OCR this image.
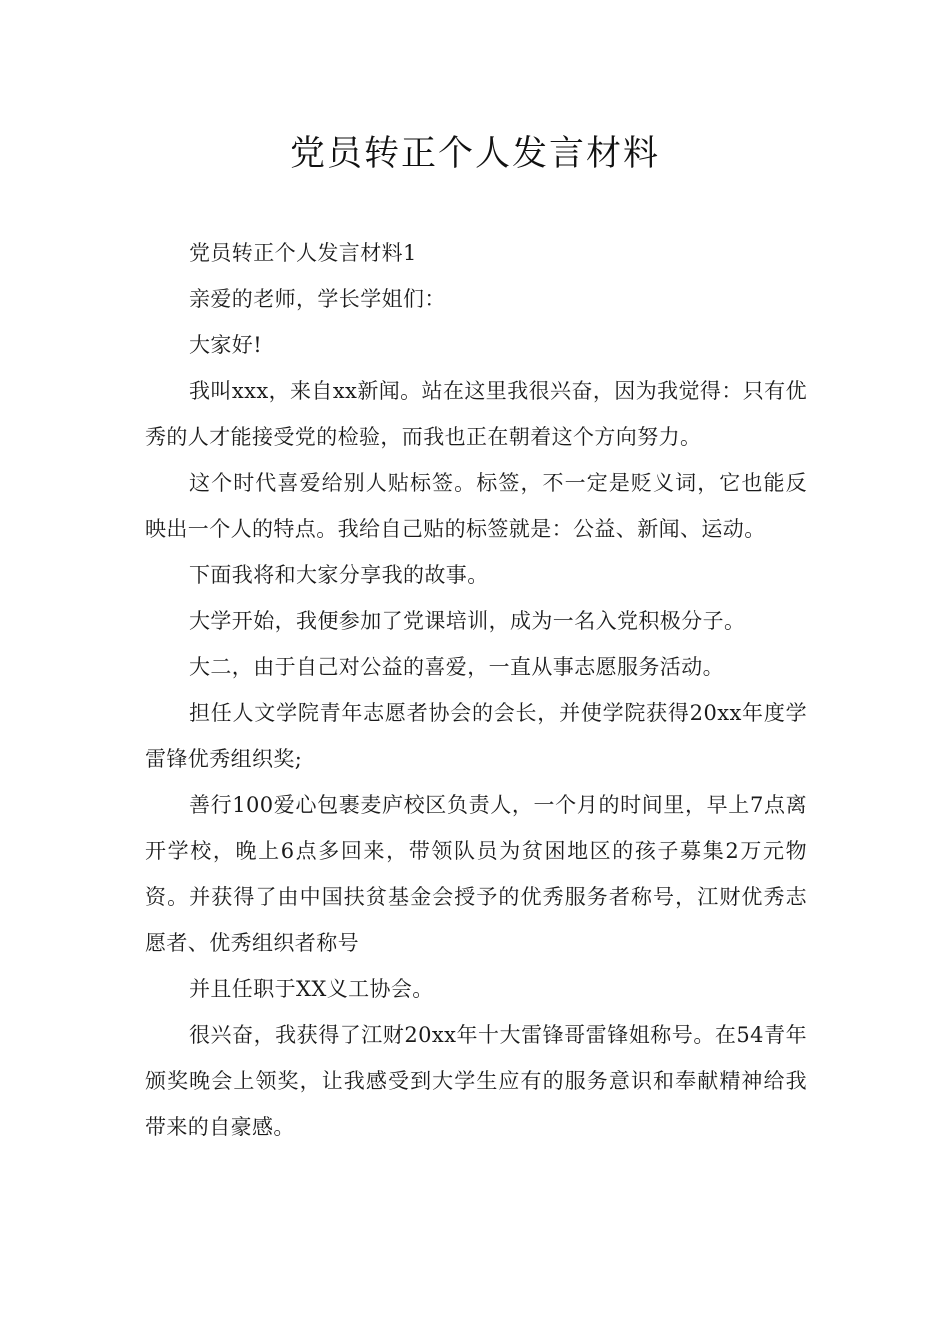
党员转正个人发言材料

党员转正个人发言材料1

亲爱的老师，学长学姐们：

大家好!

我叫xxx，来自xx新闻。站在这里我很兴奋，因为我觉得：只有优秀的人才能接受党的检验，而我也正在朝着这个方向努力。

这个时代喜爱给别人贴标签。标签，不一定是贬义词，它也能反映出一个人的特点。我给自己贴的标签就是：公益、新闻、运动。

下面我将和大家分享我的故事。

大学开始，我便参加了党课培训，成为一名入党积极分子。

大二，由于自己对公益的喜爱，一直从事志愿服务活动。

担任人文学院青年志愿者协会的会长，并使学院获得20xx年度学雷锋优秀组织奖;

善行100爱心包裹麦庐校区负责人，一个月的时间里，早上7点离开学校，晚上6点多回来，带领队员为贫困地区的孩子募集2万元物资。并获得了由中国扶贫基金会授予的优秀服务者称号，江财优秀志愿者、优秀组织者称号

并且任职于XX义工协会。

很兴奋，我获得了江财20xx年十大雷锋哥雷锋姐称号。在54青年颁奖晚会上领奖，让我感受到大学生应有的服务意识和奉献精神给我带来的自豪感。
